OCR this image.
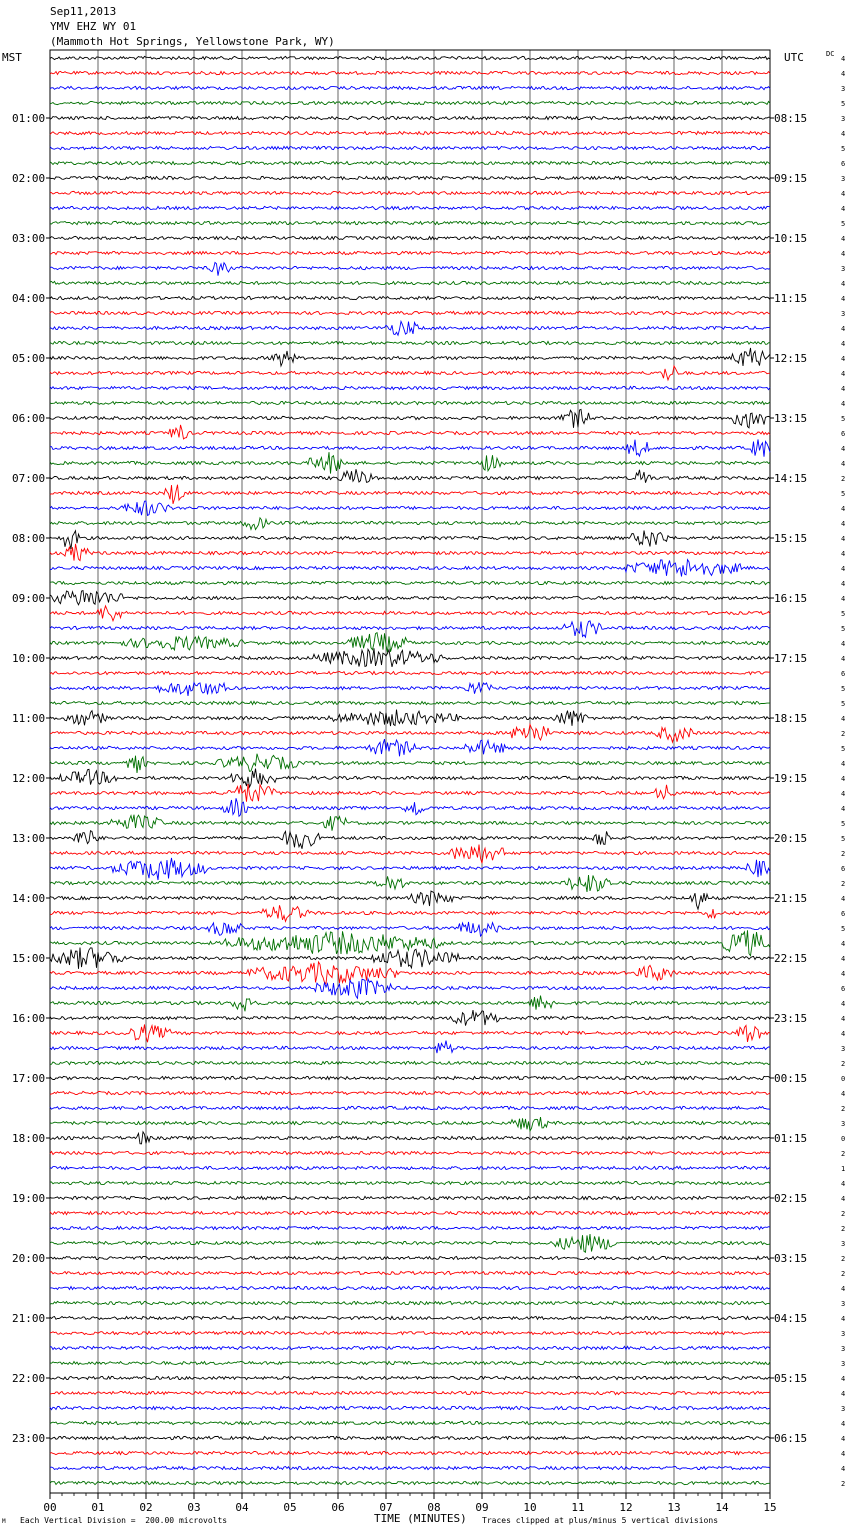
Sep11,2013
YMV EHZ WY 01
(Mammoth Hot Springs, Yellowstone Park, WY)
MST	UTC	DC
4
4
3
5
3
4
5
6
3
4
4
5
4
4
3
4
4
3
4
4
4
4
4
4
5
6
4
4
2
5
4
4
4
4
4
4
4
5
5
4
4
6
5
5
4
2
5
4
4
4
4
5
5
2
6
2
4
6
5
4
4
4
6
4
4
4
3
2
0
4
2
3
0
2
1
4
4
2
2
3
2
2
4
3
4
3
3
3
4
4
3
4
4
4
4
2
01:00
02:00
03:00
04:00
05:00
06:00
07:00
08:00
09:00
10:00
11:00
12:00
13:00
14:00
15:00
16:00
17:00
18:00
19:00
20:00
21:00
22:00
23:00
08:15
09:15
10:15
11:15
12:15
13:15
14:15
15:15
16:15
17:15
18:15
19:15
20:15
21:15
22:15
23:15
00:15
01:15
02:15
03:15
04:15
05:15
06:15
00	01	02	03	04	05	06	07	08	09	10	11	12	13	14	15
TIME (MINUTES)
M Each Vertical Division =  200.00 microvolts	Traces clipped at plus/minus 5 vertical divisions
